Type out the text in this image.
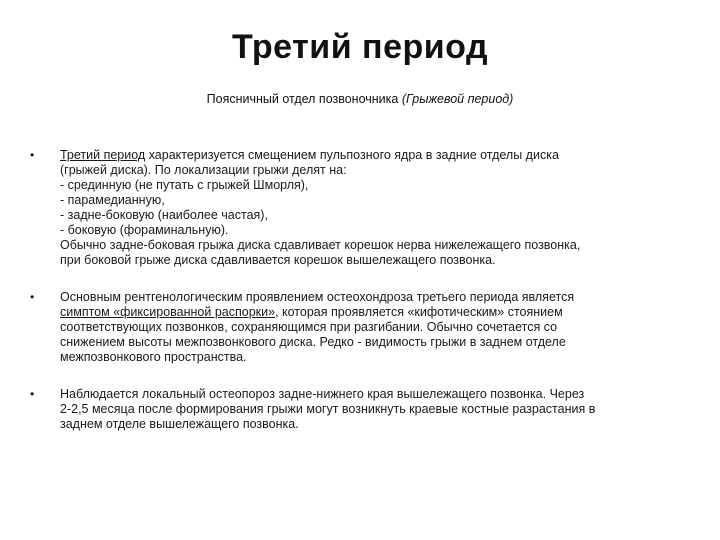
Третий период
Поясничный отдел позвоночника (Грыжевой период)
• Третий период характеризуется смещением пульпозного ядра в задние отделы диска
(грыжей диска). По локализации грыжи делят на:
- срединную (не путать с грыжей Шморля),
- парамедианную,
- задне-боковую (наиболее частая),
- боковую (фораминальную).
Обычно задне-боковая грыжа диска сдавливает корешок нерва нижележащего позвонка,
при боковой грыже диска сдавливается корешок вышележащего позвонка.
• Основным рентгенологическим проявлением остеохондроза третьего периода является
симптом «фиксированной распорки», которая проявляется «кифотическим» стоянием
соответствующих позвонков, сохраняющимся при разгибании. Обычно сочетается со
снижением высоты межпозвонкового диска. Редко - видимость грыжи в заднем отделе
межпозвонкового пространства.
• Наблюдается локальный остеопороз задне-нижнего края вышележащего позвонка. Через
2-2,5 месяца после формирования грыжи могут возникнуть краевые костные разрастания в
заднем отделе вышележащего позвонка.
